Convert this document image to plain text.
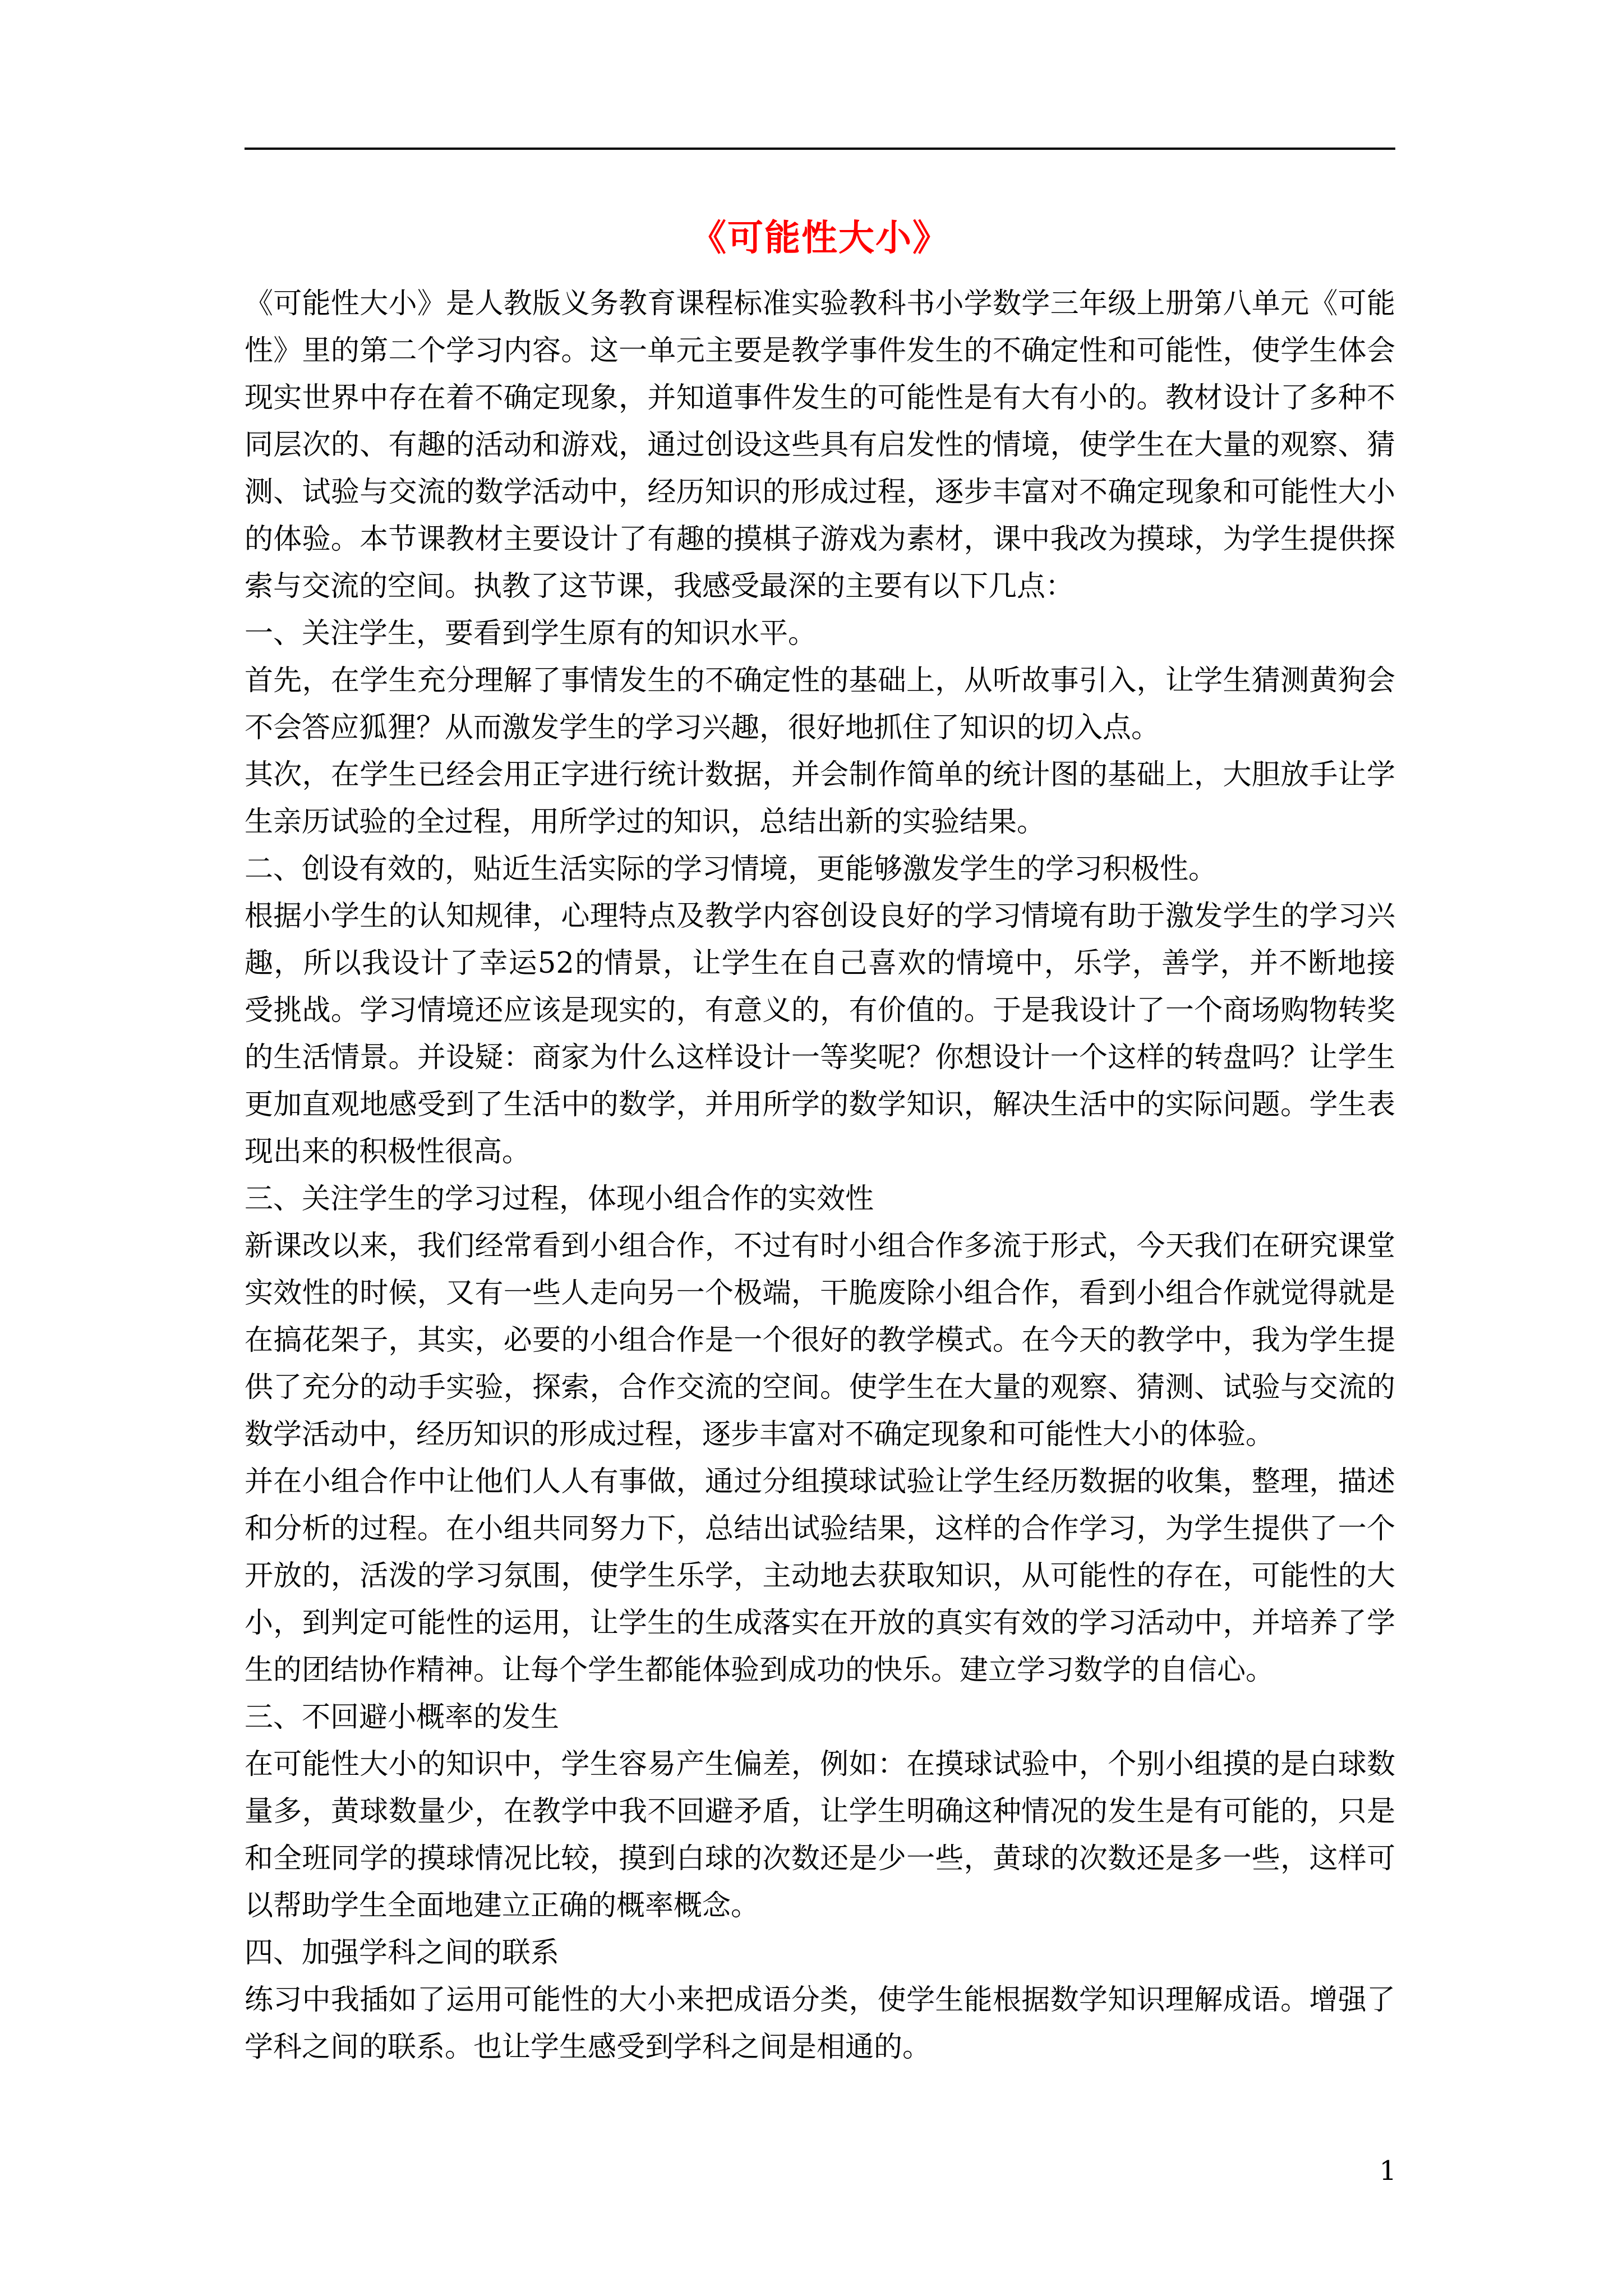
《可能性大小》

《可能性大小》是人教版义务教育课程标准实验教科书小学数学三年级上册第八单元《可能性》里的第二个学习内容。这一单元主要是教学事件发生的不确定性和可能性，使学生体会现实世界中存在着不确定现象，并知道事件发生的可能性是有大有小的。教材设计了多种不同层次的、有趣的活动和游戏，通过创设这些具有启发性的情境，使学生在大量的观察、猜测、试验与交流的数学活动中，经历知识的形成过程，逐步丰富对不确定现象和可能性大小的体验。本节课教材主要设计了有趣的摸棋子游戏为素材，课中我改为摸球，为学生提供探索与交流的空间。执教了这节课，我感受最深的主要有以下几点：

一、关注学生，要看到学生原有的知识水平。

首先，在学生充分理解了事情发生的不确定性的基础上，从听故事引入，让学生猜测黄狗会不会答应狐狸？从而激发学生的学习兴趣，很好地抓住了知识的切入点。

其次，在学生已经会用正字进行统计数据，并会制作简单的统计图的基础上，大胆放手让学生亲历试验的全过程，用所学过的知识，总结出新的实验结果。

二、创设有效的，贴近生活实际的学习情境，更能够激发学生的学习积极性。

根据小学生的认知规律，心理特点及教学内容创设良好的学习情境有助于激发学生的学习兴趣，所以我设计了幸运52的情景，让学生在自己喜欢的情境中，乐学，善学，并不断地接受挑战。学习情境还应该是现实的，有意义的，有价值的。于是我设计了一个商场购物转奖的生活情景。并设疑：商家为什么这样设计一等奖呢？你想设计一个这样的转盘吗？让学生更加直观地感受到了生活中的数学，并用所学的数学知识，解决生活中的实际问题。学生表现出来的积极性很高。

三、关注学生的学习过程，体现小组合作的实效性

新课改以来，我们经常看到小组合作，不过有时小组合作多流于形式，今天我们在研究课堂实效性的时候，又有一些人走向另一个极端，干脆废除小组合作，看到小组合作就觉得就是在搞花架子，其实，必要的小组合作是一个很好的教学模式。在今天的教学中，我为学生提供了充分的动手实验，探索，合作交流的空间。使学生在大量的观察、猜测、试验与交流的数学活动中，经历知识的形成过程，逐步丰富对不确定现象和可能性大小的体验。

并在小组合作中让他们人人有事做，通过分组摸球试验让学生经历数据的收集，整理，描述和分析的过程。在小组共同努力下，总结出试验结果，这样的合作学习，为学生提供了一个开放的，活泼的学习氛围，使学生乐学，主动地去获取知识，从可能性的存在，可能性的大小，到判定可能性的运用，让学生的生成落实在开放的真实有效的学习活动中，并培养了学生的团结协作精神。让每个学生都能体验到成功的快乐。建立学习数学的自信心。

三、不回避小概率的发生

在可能性大小的知识中，学生容易产生偏差，例如：在摸球试验中，个别小组摸的是白球数量多，黄球数量少，在教学中我不回避矛盾，让学生明确这种情况的发生是有可能的，只是和全班同学的摸球情况比较，摸到白球的次数还是少一些，黄球的次数还是多一些，这样可以帮助学生全面地建立正确的概率概念。

四、加强学科之间的联系

练习中我插如了运用可能性的大小来把成语分类，使学生能根据数学知识理解成语。增强了学科之间的联系。也让学生感受到学科之间是相通的。

1
